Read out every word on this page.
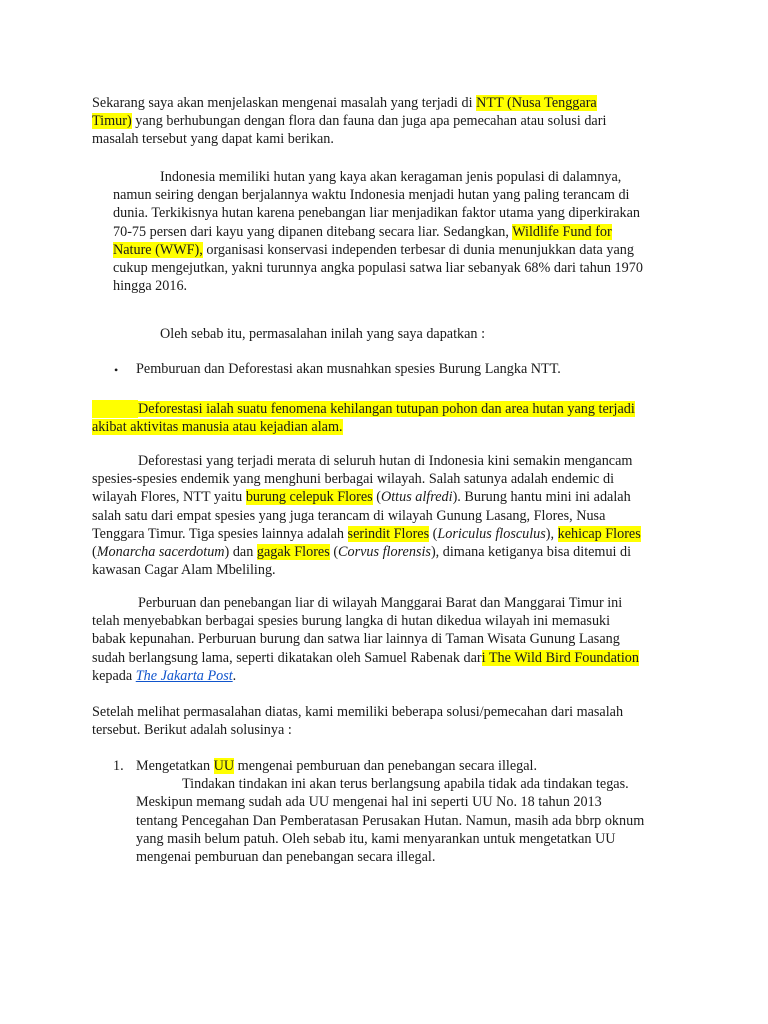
Sekarang saya akan menjelaskan mengenai masalah yang terjadi di NTT (Nusa Tenggara
Timur) yang berhubungan dengan flora dan fauna dan juga apa pemecahan atau solusi dari
masalah tersebut yang dapat kami berikan.

Indonesia memiliki hutan yang kaya akan keragaman jenis populasi di dalamnya,
namun seiring dengan berjalannya waktu Indonesia menjadi hutan yang paling terancam di
dunia. Terkikisnya hutan karena penebangan liar menjadikan faktor utama yang diperkirakan
70-75 persen dari kayu yang dipanen ditebang secara liar. Sedangkan, Wildlife Fund for
Nature (WWF), organisasi konservasi independen terbesar di dunia menunjukkan data yang
cukup mengejutkan, yakni turunnya angka populasi satwa liar sebanyak 68% dari tahun 1970
hingga 2016.

Oleh sebab itu, permasalahan inilah yang saya dapatkan :

• Pemburuan dan Deforestasi akan musnahkan spesies Burung Langka NTT.

Deforestasi ialah suatu fenomena kehilangan tutupan pohon dan area hutan yang terjadi
akibat aktivitas manusia atau kejadian alam.

Deforestasi yang terjadi merata di seluruh hutan di Indonesia kini semakin mengancam
spesies-spesies endemik yang menghuni berbagai wilayah. Salah satunya adalah endemic di
wilayah Flores, NTT yaitu burung celepuk Flores (Ottus alfredi). Burung hantu mini ini adalah
salah satu dari empat spesies yang juga terancam di wilayah Gunung Lasang, Flores, Nusa
Tenggara Timur. Tiga spesies lainnya adalah serindit Flores (Loriculus flosculus), kehicap Flores
(Monarcha sacerdotum) dan gagak Flores (Corvus florensis), dimana ketiganya bisa ditemui di
kawasan Cagar Alam Mbeliling.

Perburuan dan penebangan liar di wilayah Manggarai Barat dan Manggarai Timur ini
telah menyebabkan berbagai spesies burung langka di hutan dikedua wilayah ini memasuki
babak kepunahan. Perburuan burung dan satwa liar lainnya di Taman Wisata Gunung Lasang
sudah berlangsung lama, seperti dikatakan oleh Samuel Rabenak dari The Wild Bird Foundation
kepada The Jakarta Post.

Setelah melihat permasalahan diatas, kami memiliki beberapa solusi/pemecahan dari masalah
tersebut. Berikut adalah solusinya :

1. Mengetatkan UU mengenai pemburuan dan penebangan secara illegal.
Tindakan tindakan ini akan terus berlangsung apabila tidak ada tindakan tegas.
Meskipun memang sudah ada UU mengenai hal ini seperti UU No. 18 tahun 2013
tentang Pencegahan Dan Pemberatasan Perusakan Hutan. Namun, masih ada bbrp oknum
yang masih belum patuh. Oleh sebab itu, kami menyarankan untuk mengetatkan UU
mengenai pemburuan dan penebangan secara illegal.
